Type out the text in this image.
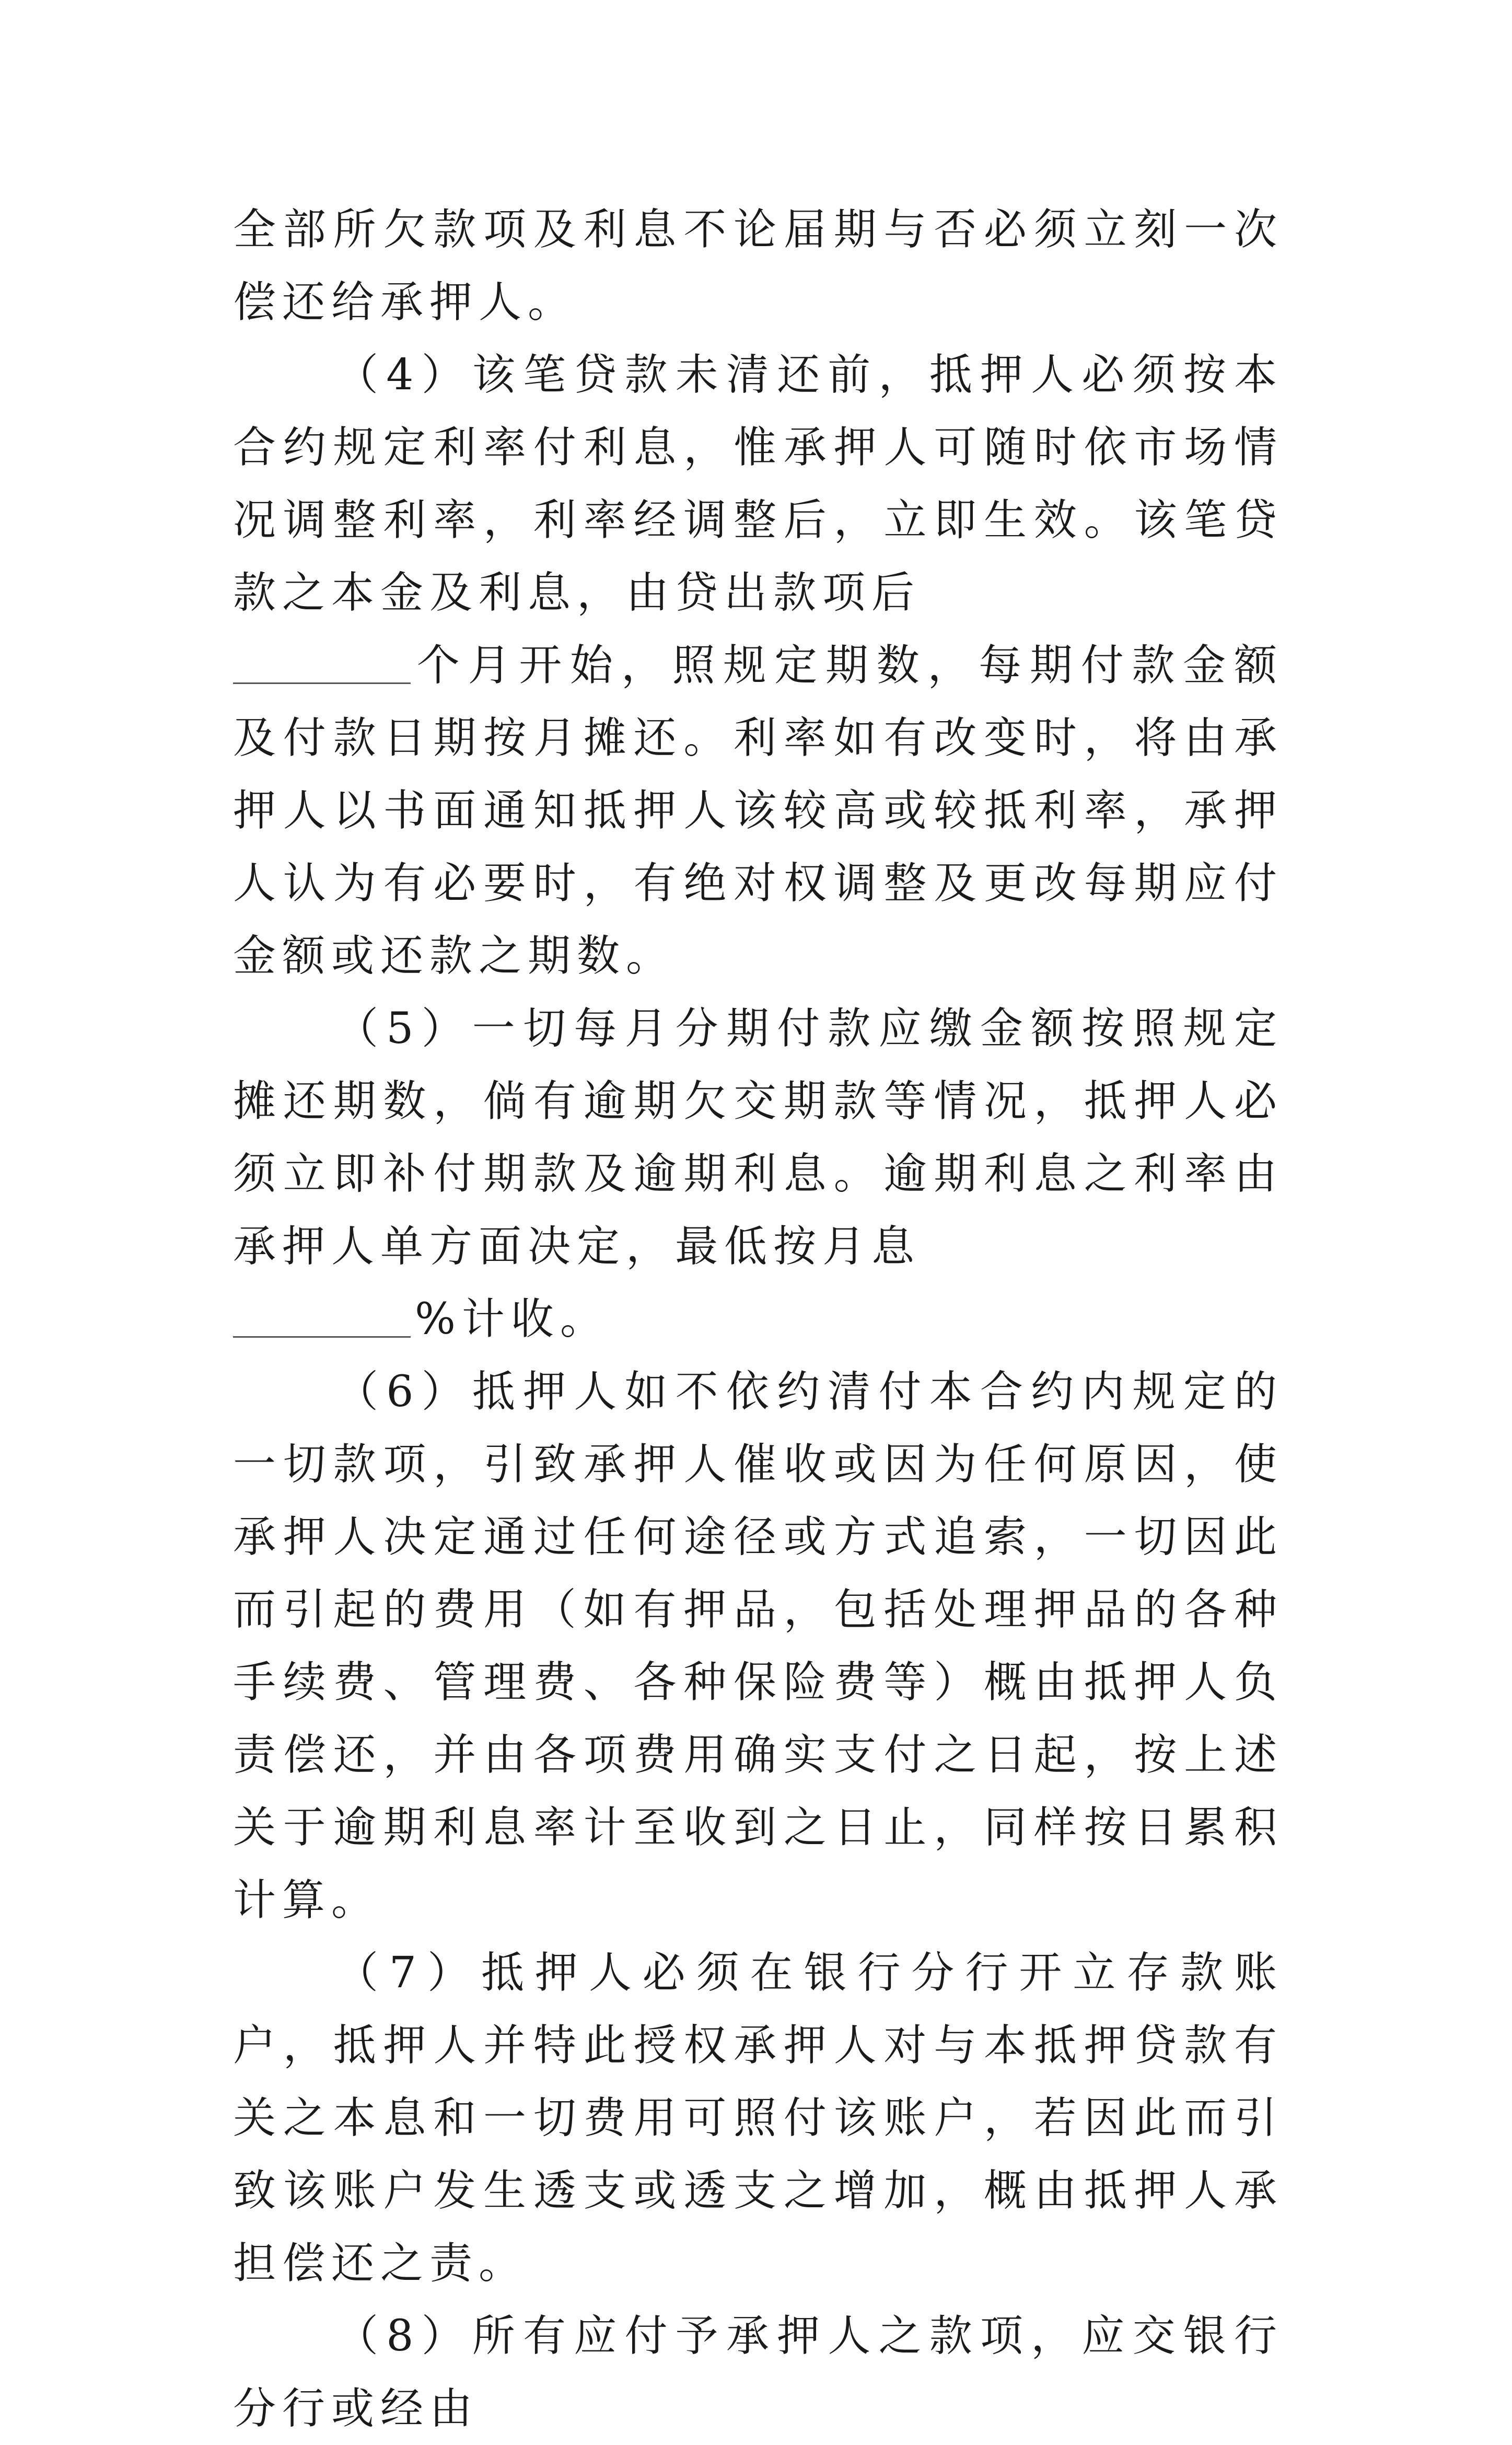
全部所欠款项及利息不论届期与否必须立刻一次偿还给承押人。

（4）该笔贷款未清还前，抵押人必须按本合约规定利率付利息，惟承押人可随时依市场情况调整利率，利率经调整后，立即生效。该笔贷款之本金及利息，由贷出款项后
个月开始，照规定期数，每期付款金额及付款日期按月摊还。利率如有改变时，将由承押人以书面通知抵押人该较高或较抵利率，承押人认为有必要时，有绝对权调整及更改每期应付金额或还款之期数。

（5）一切每月分期付款应缴金额按照规定摊还期数，倘有逾期欠交期款等情况，抵押人必须立即补付期款及逾期利息。逾期利息之利率由承押人单方面决定，最低按月息
%计收。

（6）抵押人如不依约清付本合约内规定的一切款项，引致承押人催收或因为任何原因，使承押人决定通过任何途径或方式追索，一切因此而引起的费用（如有押品，包括处理押品的各种手续费、管理费、各种保险费等）概由抵押人负责偿还，并由各项费用确实支付之日起，按上述关于逾期利息率计至收到之日止，同样按日累积计算。

（7）抵押人必须在银行分行开立存款账户，抵押人并特此授权承押人对与本抵押贷款有关之本息和一切费用可照付该账户，若因此而引致该账户发生透支或透支之增加，概由抵押人承担偿还之责。

（8）所有应付予承押人之款项，应交银行分行或经由
